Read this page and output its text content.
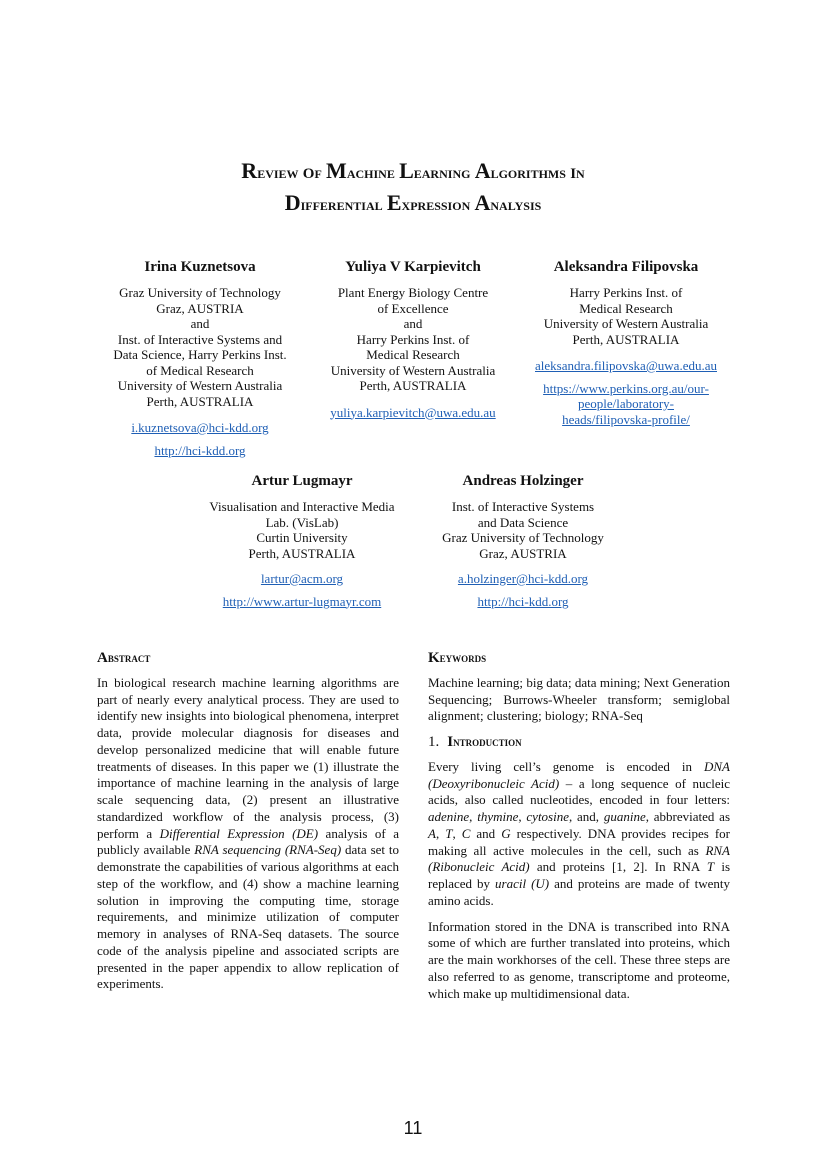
Review of Machine Learning Algorithms in
Differential Expression Analysis
Irina Kuznetsova
Graz University of Technology
Graz, AUSTRIA
and
Inst. of Interactive Systems and
Data Science, Harry Perkins Inst.
of Medical Research
University of Western Australia
Perth, AUSTRALIA
i.kuznetsova@hci-kdd.org
http://hci-kdd.org
Yuliya V Karpievitch
Plant Energy Biology Centre
of Excellence
and
Harry Perkins Inst. of
Medical Research
University of Western Australia
Perth, AUSTRALIA
yuliya.karpievitch@uwa.edu.au
Aleksandra Filipovska
Harry Perkins Inst. of
Medical Research
University of Western Australia
Perth, AUSTRALIA
aleksandra.filipovska@uwa.edu.au
https://www.perkins.org.au/our-
people/laboratory-
heads/filipovska-profile/
Artur Lugmayr
Visualisation and Interactive Media
Lab. (VisLab)
Curtin University
Perth, AUSTRALIA
lartur@acm.org
http://www.artur-lugmayr.com
Andreas Holzinger
Inst. of Interactive Systems
and Data Science
Graz University of Technology
Graz, AUSTRIA
a.holzinger@hci-kdd.org
http://hci-kdd.org
Abstract
In biological research machine learning algorithms are part of nearly every analytical process. They are used to identify new insights into biological phenomena, interpret data, provide molecular diagnosis for diseases and develop personalized medicine that will enable future treatments of diseases. In this paper we (1) illustrate the importance of machine learning in the analysis of large scale sequencing data, (2) present an illustrative standardized workflow of the analysis process, (3) perform a Differential Expression (DE) analysis of a publicly available RNA sequencing (RNA-Seq) data set to demonstrate the capabilities of various algorithms at each step of the workflow, and (4) show a machine learning solution in improving the computing time, storage requirements, and minimize utilization of computer memory in analyses of RNA-Seq datasets. The source code of the analysis pipeline and associated scripts are presented in the paper appendix to allow replication of experiments.
Keywords
Machine learning; big data; data mining; Next Generation Sequencing; Burrows-Wheeler transform; semiglobal alignment; clustering; biology; RNA-Seq
1. Introduction
Every living cell’s genome is encoded in DNA (Deoxyribonucleic Acid) – a long sequence of nucleic acids, also called nucleotides, encoded in four letters: adenine, thymine, cytosine, and, guanine, abbreviated as A, T, C and G respectively. DNA provides recipes for making all active molecules in the cell, such as RNA (Ribonucleic Acid) and proteins [1, 2]. In RNA T is replaced by uracil (U) and proteins are made of twenty amino acids.
Information stored in the DNA is transcribed into RNA some of which are further translated into proteins, which are the main workhorses of the cell. These three steps are also referred to as genome, transcriptome and proteome, which make up multidimensional data.
11
